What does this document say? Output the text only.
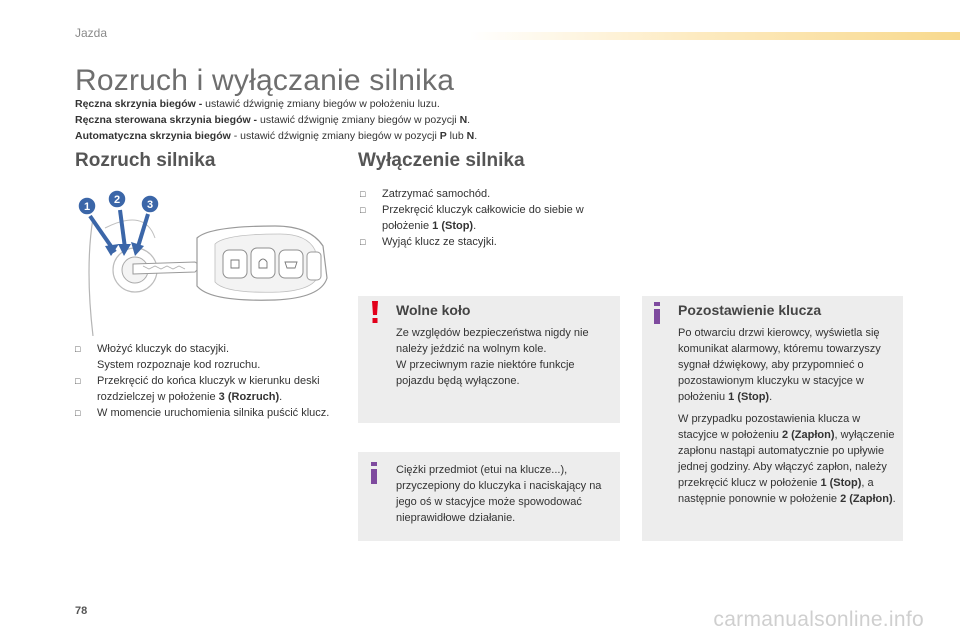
Jazda
Rozruch i wyłączanie silnika
Ręczna skrzynia biegów - ustawić dźwignię zmiany biegów w położeniu luzu.
Ręczna sterowana skrzynia biegów - ustawić dźwignię zmiany biegów w pozycji N.
Automatyczna skrzynia biegów - ustawić dźwignię zmiany biegów w pozycji P lub N.
Rozruch silnika
1
2 3
□ Włożyć kluczyk do stacyjki.
System rozpoznaje kod rozruchu.
□ Przekręcić do końca kluczyk w kierunku deski rozdzielczej w położenie 3 (Rozruch).
□ W momencie uruchomienia silnika puścić klucz.
Wyłączenie silnika
□ Zatrzymać samochód.
□ Przekręcić kluczyk całkowicie do siebie w położenie 1 (Stop).
□ Wyjąć klucz ze stacyjki.
Wolne koło

Ze względów bezpieczeństwa nigdy nie należy jeździć na wolnym kole.

W przeciwnym razie niektóre funkcje pojazdu będą wyłączone.

Ciężki przedmiot (etui na klucze...), przyczepiony do kluczyka i naciskający na jego oś w stacyjce może spowodować nieprawidłowe działanie.
Pozostawienie klucza
Po otwarciu drzwi kierowcy, wyświetla się komunikat alarmowy, któremu towarzyszy sygnał dźwiękowy, aby przypomnieć o pozostawionym kluczyku w stacyjce w położeniu 1 (Stop).
W przypadku pozostawienia klucza w stacyjce w położeniu 2 (Zapłon), wyłączenie zapłonu nastąpi automatycznie po upływie jednej godziny. Aby włączyć zapłon, należy przekręcić klucz w położenie 1 (Stop), a następnie ponownie w położenie 2 (Zapłon).
78	carmanualsonline.info
